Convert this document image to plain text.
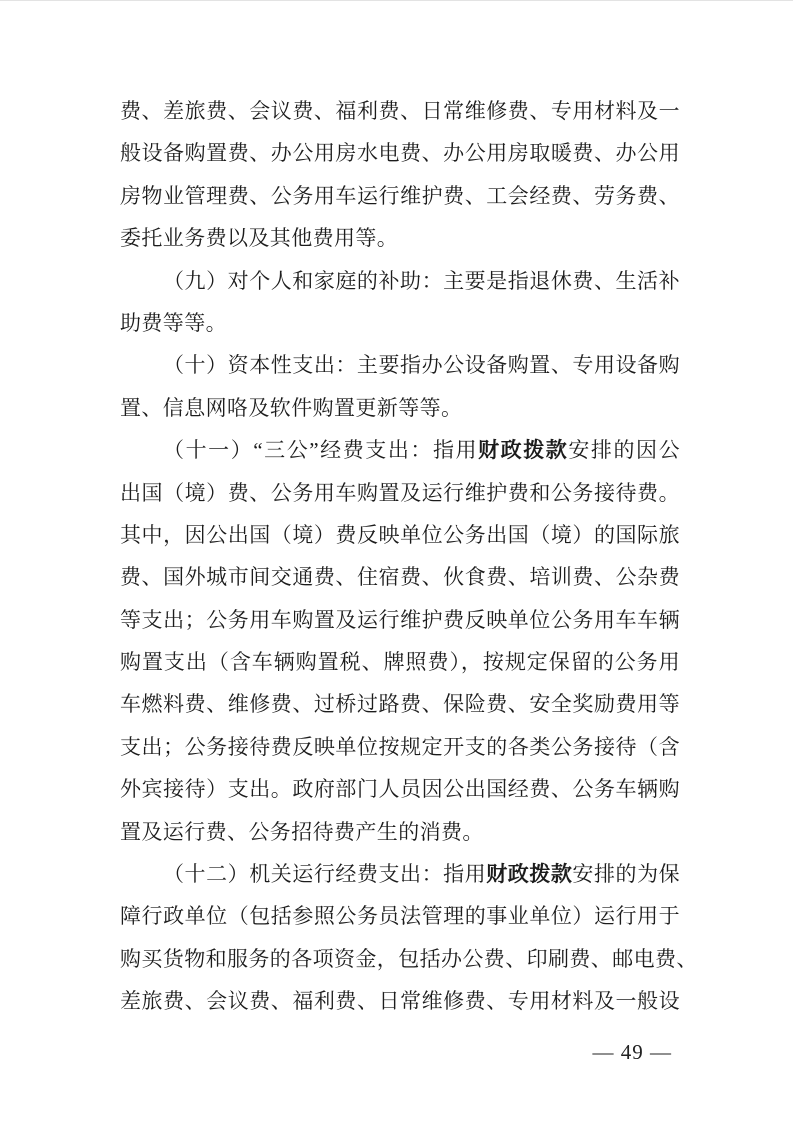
费、差旅费、会议费、福利费、日常维修费、专用材料及一
般设备购置费、办公用房水电费、办公用房取暖费、办公用
房物业管理费、公务用车运行维护费、工会经费、劳务费、
委托业务费以及其他费用等。
（九）对个人和家庭的补助：主要是指退休费、生活补
助费等等。
（十）资本性支出：主要指办公设备购置、专用设备购
置、信息网咯及软件购置更新等等。
（十一）“三公”经费支出：指用财政拨款安排的因公
出国（境）费、公务用车购置及运行维护费和公务接待费。
其中，因公出国（境）费反映单位公务出国（境）的国际旅
费、国外城市间交通费、住宿费、伙食费、培训费、公杂费
等支出；公务用车购置及运行维护费反映单位公务用车车辆
购置支出（含车辆购置税、牌照费），按规定保留的公务用
车燃料费、维修费、过桥过路费、保险费、安全奖励费用等
支出；公务接待费反映单位按规定开支的各类公务接待（含
外宾接待）支出。政府部门人员因公出国经费、公务车辆购
置及运行费、公务招待费产生的消费。
（十二）机关运行经费支出：指用财政拨款安排的为保
障行政单位（包括参照公务员法管理的事业单位）运行用于
购买货物和服务的各项资金，包括办公费、印刷费、邮电费、
差旅费、会议费、福利费、日常维修费、专用材料及一般设
— 49 —
